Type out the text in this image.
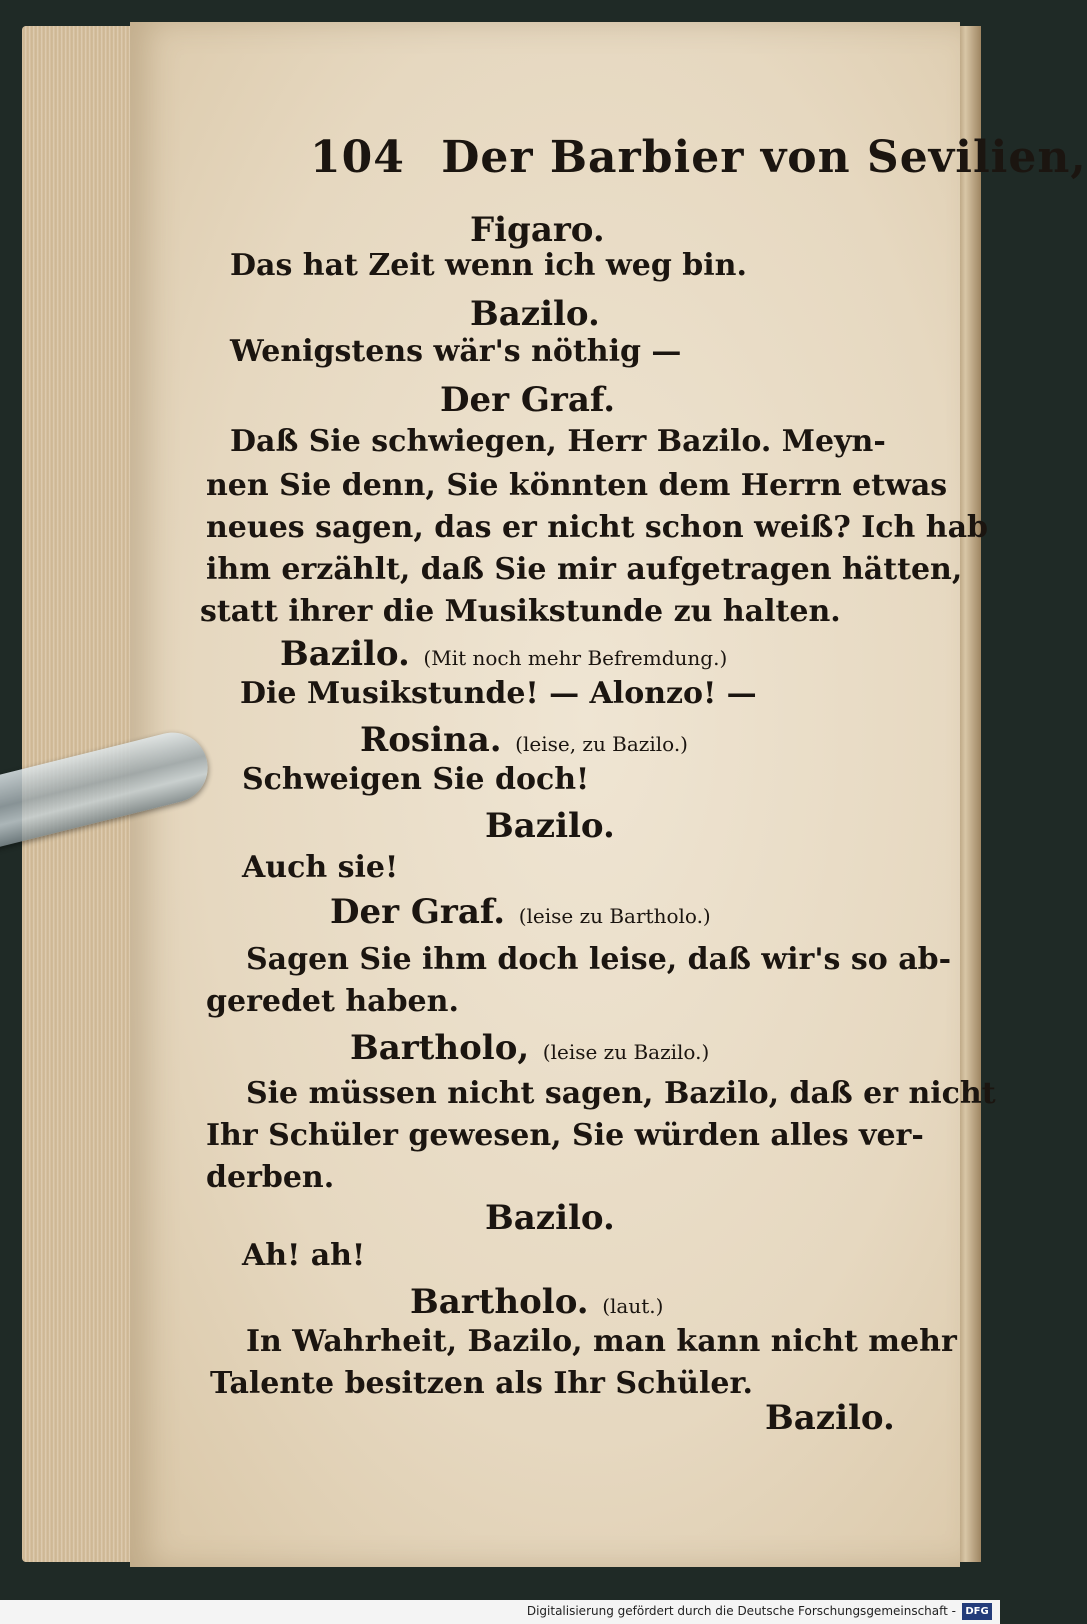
104 Der Barbier von Sevilien,
Figaro.
Das hat Zeit wenn ich weg bin.
Bazilo.
Wenigstens wär's nöthig —
Der Graf.
Daß Sie schwiegen, Herr Bazilo. Meyn-
nen Sie denn, Sie könnten dem Herrn etwas
neues sagen, das er nicht schon weiß? Ich hab
ihm erzählt, daß Sie mir aufgetragen hätten,
statt ihrer die Musikstunde zu halten.
Bazilo. (Mit noch mehr Befremdung.)
Die Musikstunde! — Alonzo! —
Rosina. (leise, zu Bazilo.)
Schweigen Sie doch!
Bazilo.
Auch sie!
Der Graf. (leise zu Bartholo.)
Sagen Sie ihm doch leise, daß wir's so ab-
geredet haben.
Bartholo, (leise zu Bazilo.)
Sie müssen nicht sagen, Bazilo, daß er nicht
Ihr Schüler gewesen, Sie würden alles ver-
derben.
Bazilo.
Ah! ah!
Bartholo. (laut.)
In Wahrheit, Bazilo, man kann nicht mehr
Talente besitzen als Ihr Schüler.
Bazilo.
Digitalisierung gefördert durch die Deutsche Forschungsgemeinschaft - DFG
